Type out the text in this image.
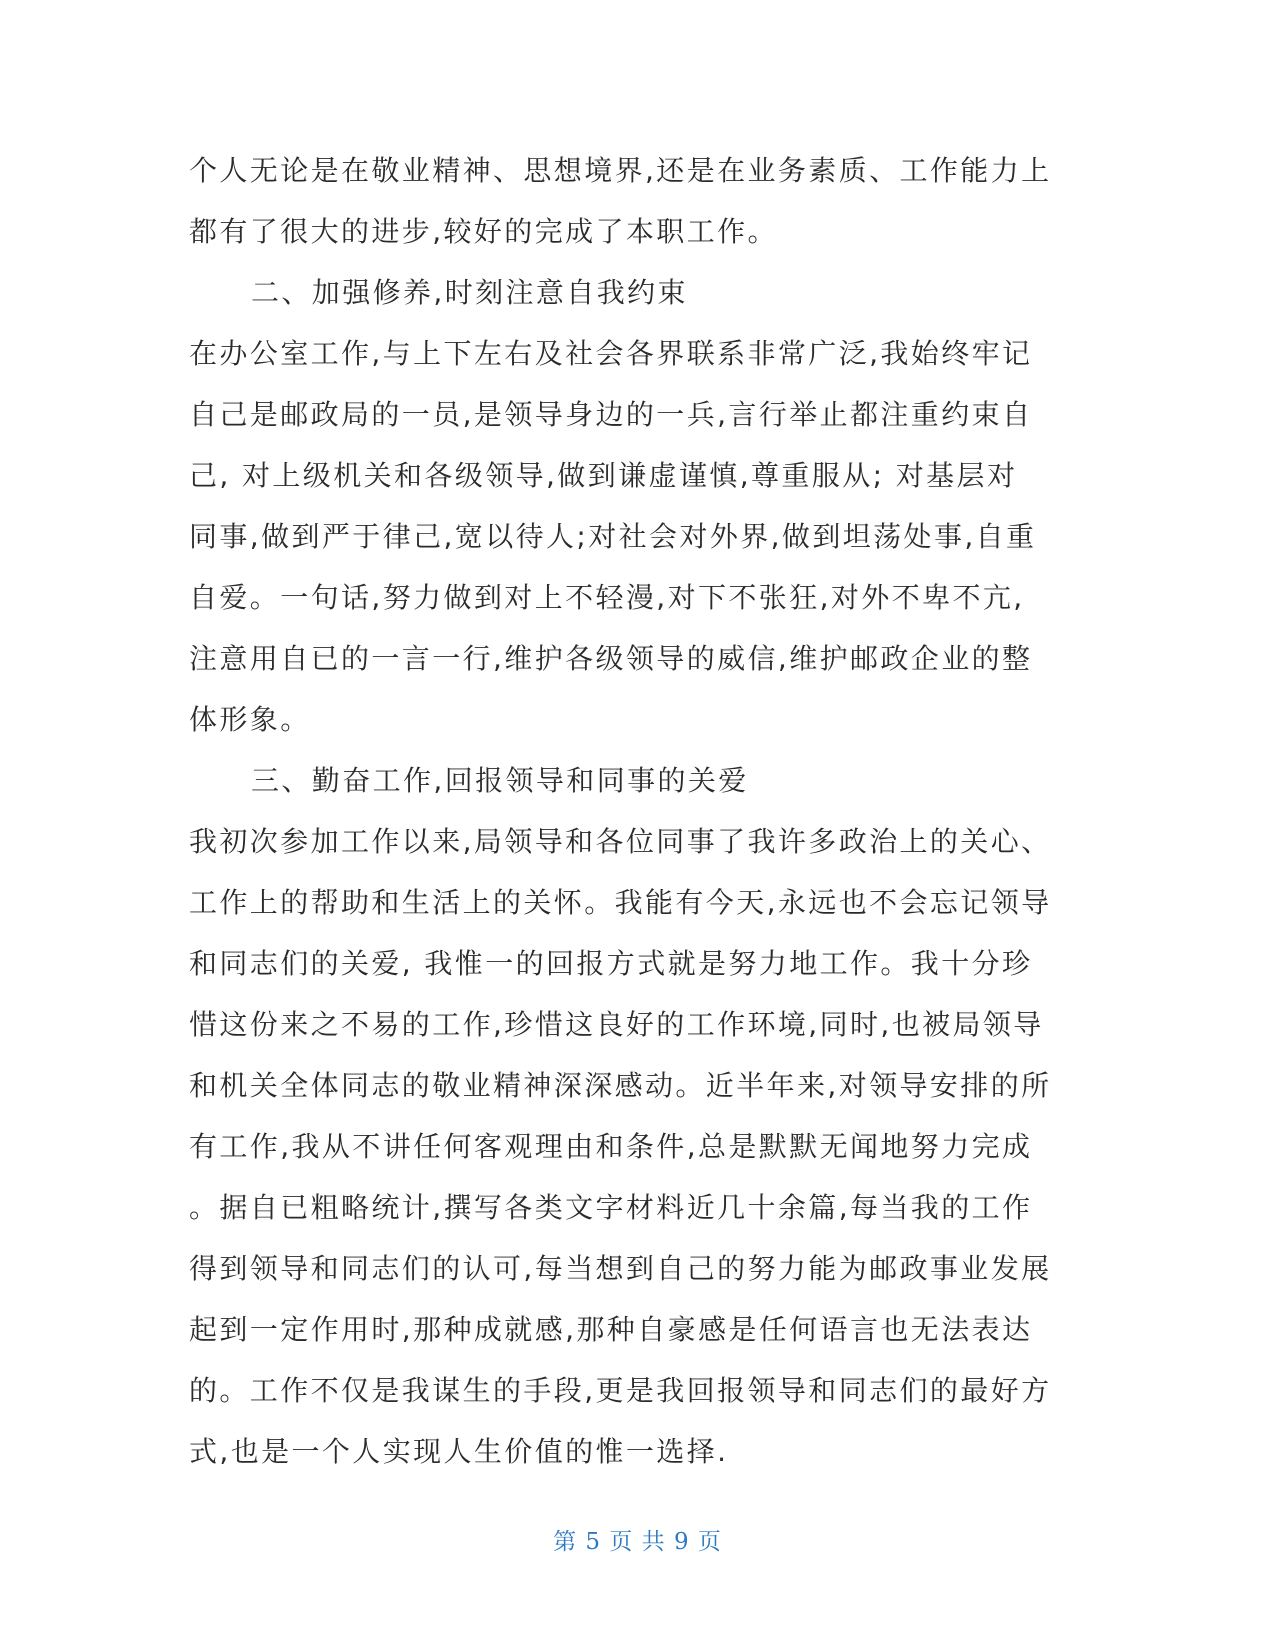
个人无论是在敬业精神、思想境界,还是在业务素质、工作能力上
都有了很大的进步,较好的完成了本职工作。
二、加强修养,时刻注意自我约束
在办公室工作,与上下左右及社会各界联系非常广泛,我始终牢记
自己是邮政局的一员,是领导身边的一兵,言行举止都注重约束自
己, 对上级机关和各级领导,做到谦虚谨慎,尊重服从; 对基层对
同事,做到严于律己,宽以待人;对社会对外界,做到坦荡处事,自重
自爱。一句话,努力做到对上不轻漫,对下不张狂,对外不卑不亢,
注意用自已的一言一行,维护各级领导的威信,维护邮政企业的整
体形象。
三、勤奋工作,回报领导和同事的关爱
我初次参加工作以来,局领导和各位同事了我许多政治上的关心、
工作上的帮助和生活上的关怀。我能有今天,永远也不会忘记领导
和同志们的关爱, 我惟一的回报方式就是努力地工作。我十分珍
惜这份来之不易的工作,珍惜这良好的工作环境,同时,也被局领导
和机关全体同志的敬业精神深深感动。近半年来,对领导安排的所
有工作,我从不讲任何客观理由和条件,总是默默无闻地努力完成
。据自已粗略统计,撰写各类文字材料近几十余篇,每当我的工作
得到领导和同志们的认可,每当想到自己的努力能为邮政事业发展
起到一定作用时,那种成就感,那种自豪感是任何语言也无法表达
的。工作不仅是我谋生的手段,更是我回报领导和同志们的最好方
式,也是一个人实现人生价值的惟一选择.
第 5 页 共 9 页
